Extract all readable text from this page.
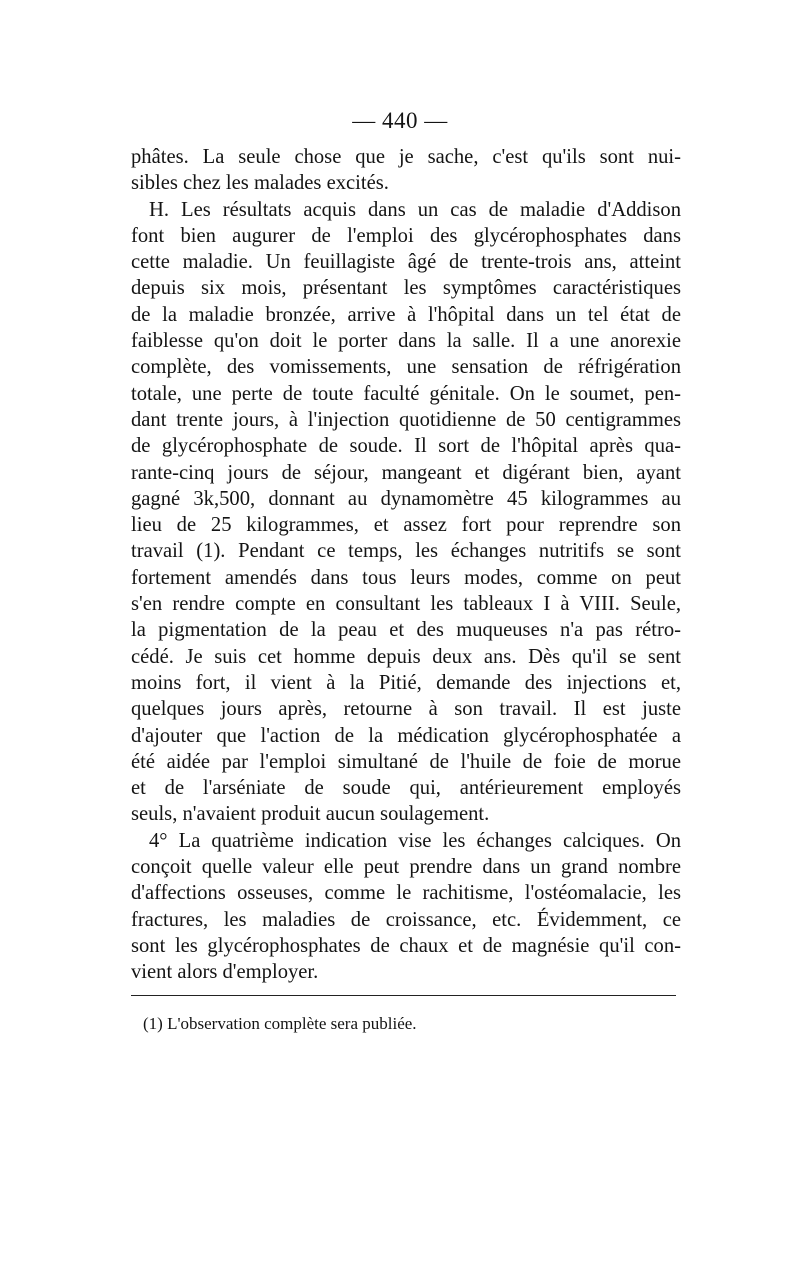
— 440 —
phâtes. La seule chose que je sache, c'est qu'ils sont nui-
sibles chez les malades excités.
H. Les résultats acquis dans un cas de maladie d'Addison
font bien augurer de l'emploi des glycérophosphates dans
cette maladie. Un feuillagiste âgé de trente-trois ans, atteint
depuis six mois, présentant les symptômes caractéristiques
de la maladie bronzée, arrive à l'hôpital dans un tel état de
faiblesse qu'on doit le porter dans la salle. Il a une anorexie
complète, des vomissements, une sensation de réfrigération
totale, une perte de toute faculté génitale. On le soumet, pen-
dant trente jours, à l'injection quotidienne de 50 centigrammes
de glycérophosphate de soude. Il sort de l'hôpital après qua-
rante-cinq jours de séjour, mangeant et digérant bien, ayant
gagné 3k,500, donnant au dynamomètre 45 kilogrammes au
lieu de 25 kilogrammes, et assez fort pour reprendre son
travail (1). Pendant ce temps, les échanges nutritifs se sont
fortement amendés dans tous leurs modes, comme on peut
s'en rendre compte en consultant les tableaux I à VIII. Seule,
la pigmentation de la peau et des muqueuses n'a pas rétro-
cédé. Je suis cet homme depuis deux ans. Dès qu'il se sent
moins fort, il vient à la Pitié, demande des injections et,
quelques jours après, retourne à son travail. Il est juste
d'ajouter que l'action de la médication glycérophosphatée a
été aidée par l'emploi simultané de l'huile de foie de morue
et de l'arséniate de soude qui, antérieurement employés
seuls, n'avaient produit aucun soulagement.
4° La quatrième indication vise les échanges calciques. On
conçoit quelle valeur elle peut prendre dans un grand nombre
d'affections osseuses, comme le rachitisme, l'ostéomalacie, les
fractures, les maladies de croissance, etc. Évidemment, ce
sont les glycérophosphates de chaux et de magnésie qu'il con-
vient alors d'employer.
(1) L'observation complète sera publiée.
